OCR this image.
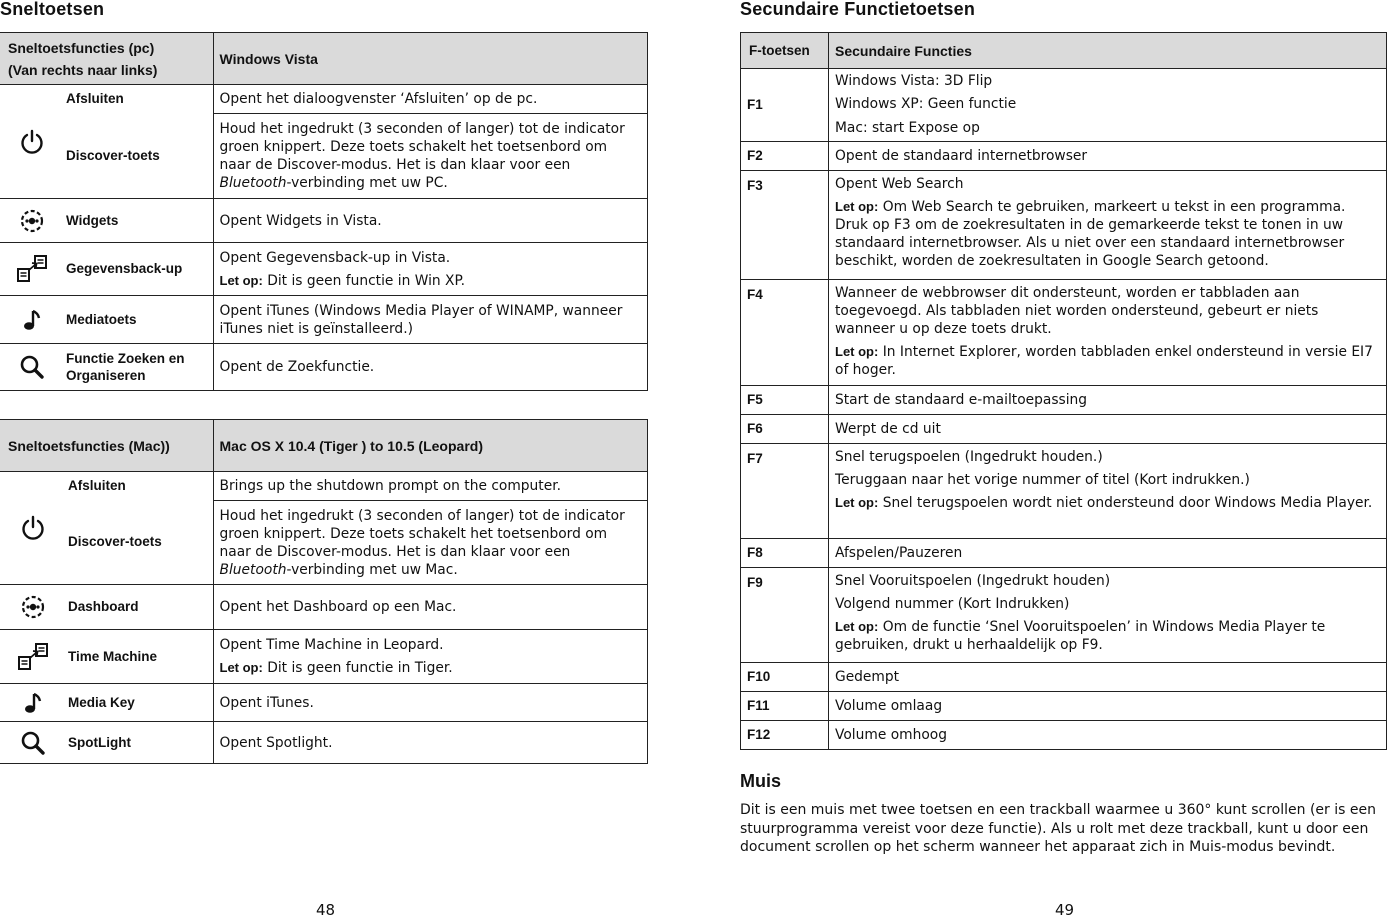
Sneltoetsen
Sneltoetsfuncties (pc)
(Van rechts naar links)		Windows Vista

	Afsluiten	Opent het dialoogvenster ‘Afsluiten’ op de pc.
	Discover-toets	Houd het ingedrukt (3 seconden of langer) tot de indicator groen knippert. Deze toets schakelt het toetsenbord om naar de Discover-modus. Het is dan klaar voor een Bluetooth-verbinding met uw PC.

	Widgets	Opent Widgets in Vista.

	Gegevensback-up	Opent Gegevensback-up in Vista.
Let op: Dit is geen functie in Win XP.

	Mediatoets	Opent iTunes (Windows Media Player of WINAMP, wanneer iTunes niet is geïnstalleerd.)

	Functie Zoeken en Organiseren	Opent de Zoekfunctie.
Sneltoetsfuncties (Mac))		Mac OS X 10.4 (Tiger ) to 10.5 (Leopard)

	Afsluiten	Brings up the shutdown prompt on the computer.
	Discover-toets	Houd het ingedrukt (3 seconden of langer) tot de indicator groen knippert. Deze toets schakelt het toetsenbord om naar de Discover-modus. Het is dan klaar voor een Bluetooth-verbinding met uw Mac.

	Dashboard	Opent het Dashboard op een Mac.

	Time Machine	Opent Time Machine in Leopard.
Let op: Dit is geen functie in Tiger.

	Media Key	Opent iTunes.

	SpotLight	Opent Spotlight.
48
Secundaire Functietoetsen
F-toetsen	Secundaire Functies
F1	Windows Vista: 3D Flip
Windows XP: Geen functie
Mac: start Expose op

F2	Opent de standaard internetbrowser
F3	Opent Web Search
Let op: Om Web Search te gebruiken, markeert u tekst in een programma. Druk op F3 om de zoekresultaten in de gemarkeerde tekst te tonen in uw standaard internetbrowser. Als u niet over een standaard internetbrowser beschikt, worden de zoekresultaten in Google Search getoond.

F4	Wanneer de webbrowser dit ondersteunt, worden er tabbladen aan toegevoegd. Als tabbladen niet worden ondersteund, gebeurt er niets wanneer u op deze toets drukt.
Let op: In Internet Explorer, worden tabbladen enkel ondersteund in versie EI7 of hoger.

F5	Start de standaard e-mailtoepassing
F6	Werpt de cd uit
F7	Snel terugspoelen (Ingedrukt houden.)
Teruggaan naar het vorige nummer of titel (Kort indrukken.)
Let op: Snel terugspoelen wordt niet ondersteund door Windows Media Player.

F8	Afspelen/Pauzeren
F9	Snel Vooruitspoelen (Ingedrukt houden)
Volgend nummer (Kort Indrukken)
Let op: Om de functie ‘Snel Vooruitspoelen’ in Windows Media Player te gebruiken, drukt u herhaaldelijk op F9.

F10	Gedempt
F11	Volume omlaag
F12	Volume omhoog
Muis
Dit is een muis met twee toetsen en een trackball waarmee u 360° kunt scrollen (er is een stuurprogramma vereist voor deze functie). Als u rolt met deze trackball, kunt u door een document scrollen op het scherm wanneer het apparaat zich in Muis-modus bevindt.
49
